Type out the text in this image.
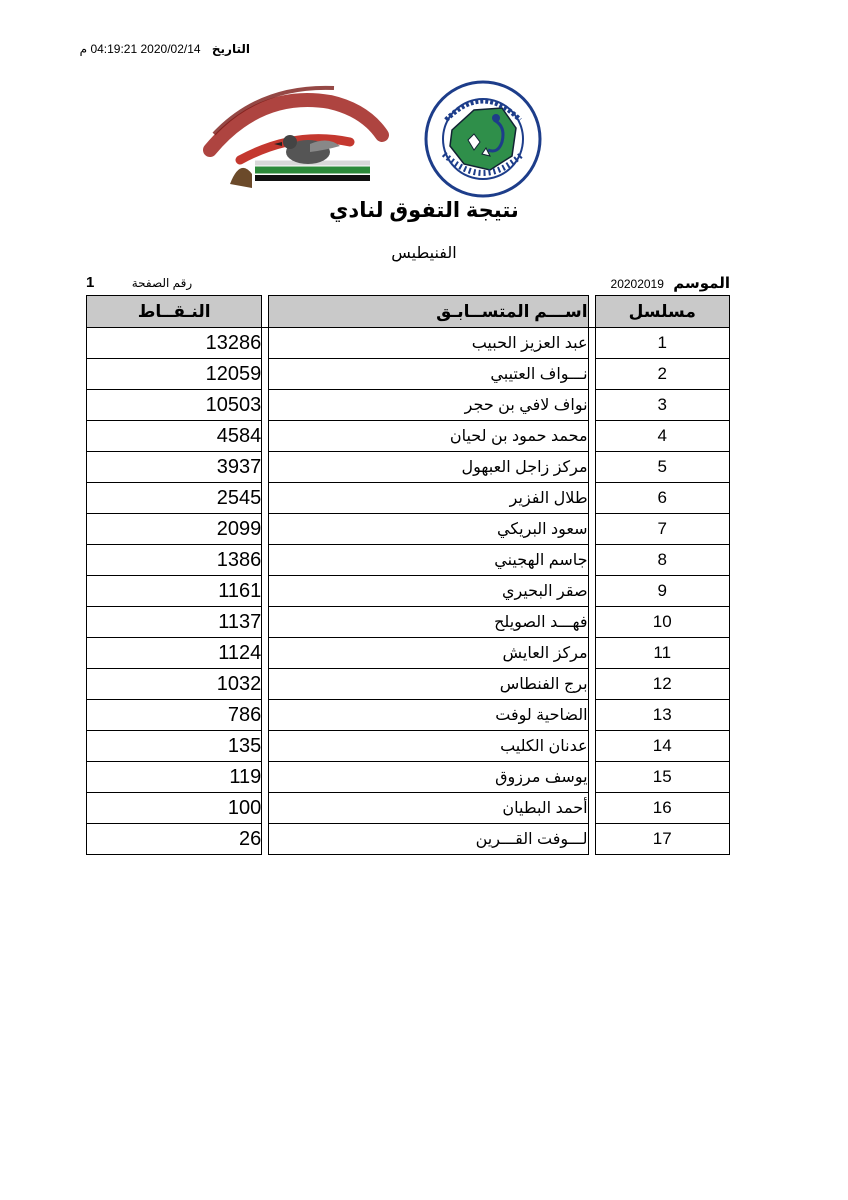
التاريخ 2020/02/14 04:19:21 م
نتيجة التفوق لنادي
الفنيطيس
الموسم 20202019
1	رقم الصفحة
مسلسل		اســـم المتســابـق		النـقــاط
1		عبد العزيز الحبيب		13286
2		نـــواف العتيبي		12059
3		نواف لافي بن حجر		10503
4		محمد حمود بن لحيان		4584
5		مركز زاجل العبهول		3937
6		طلال الفزير		2545
7		سعود البريكي		2099
8		جاسم الهجيني		1386
9		صقر البحيري		1161
10		فهـــد الصويلح		1137
11		مركز العايش		1124
12		برج الفنطاس		1032
13		الضاحية لوفت		786
14		عدنان الكليب		135
15		يوسف مرزوق		119
16		أحمد البطيان		100
17		لـــوفت القـــرين		26
